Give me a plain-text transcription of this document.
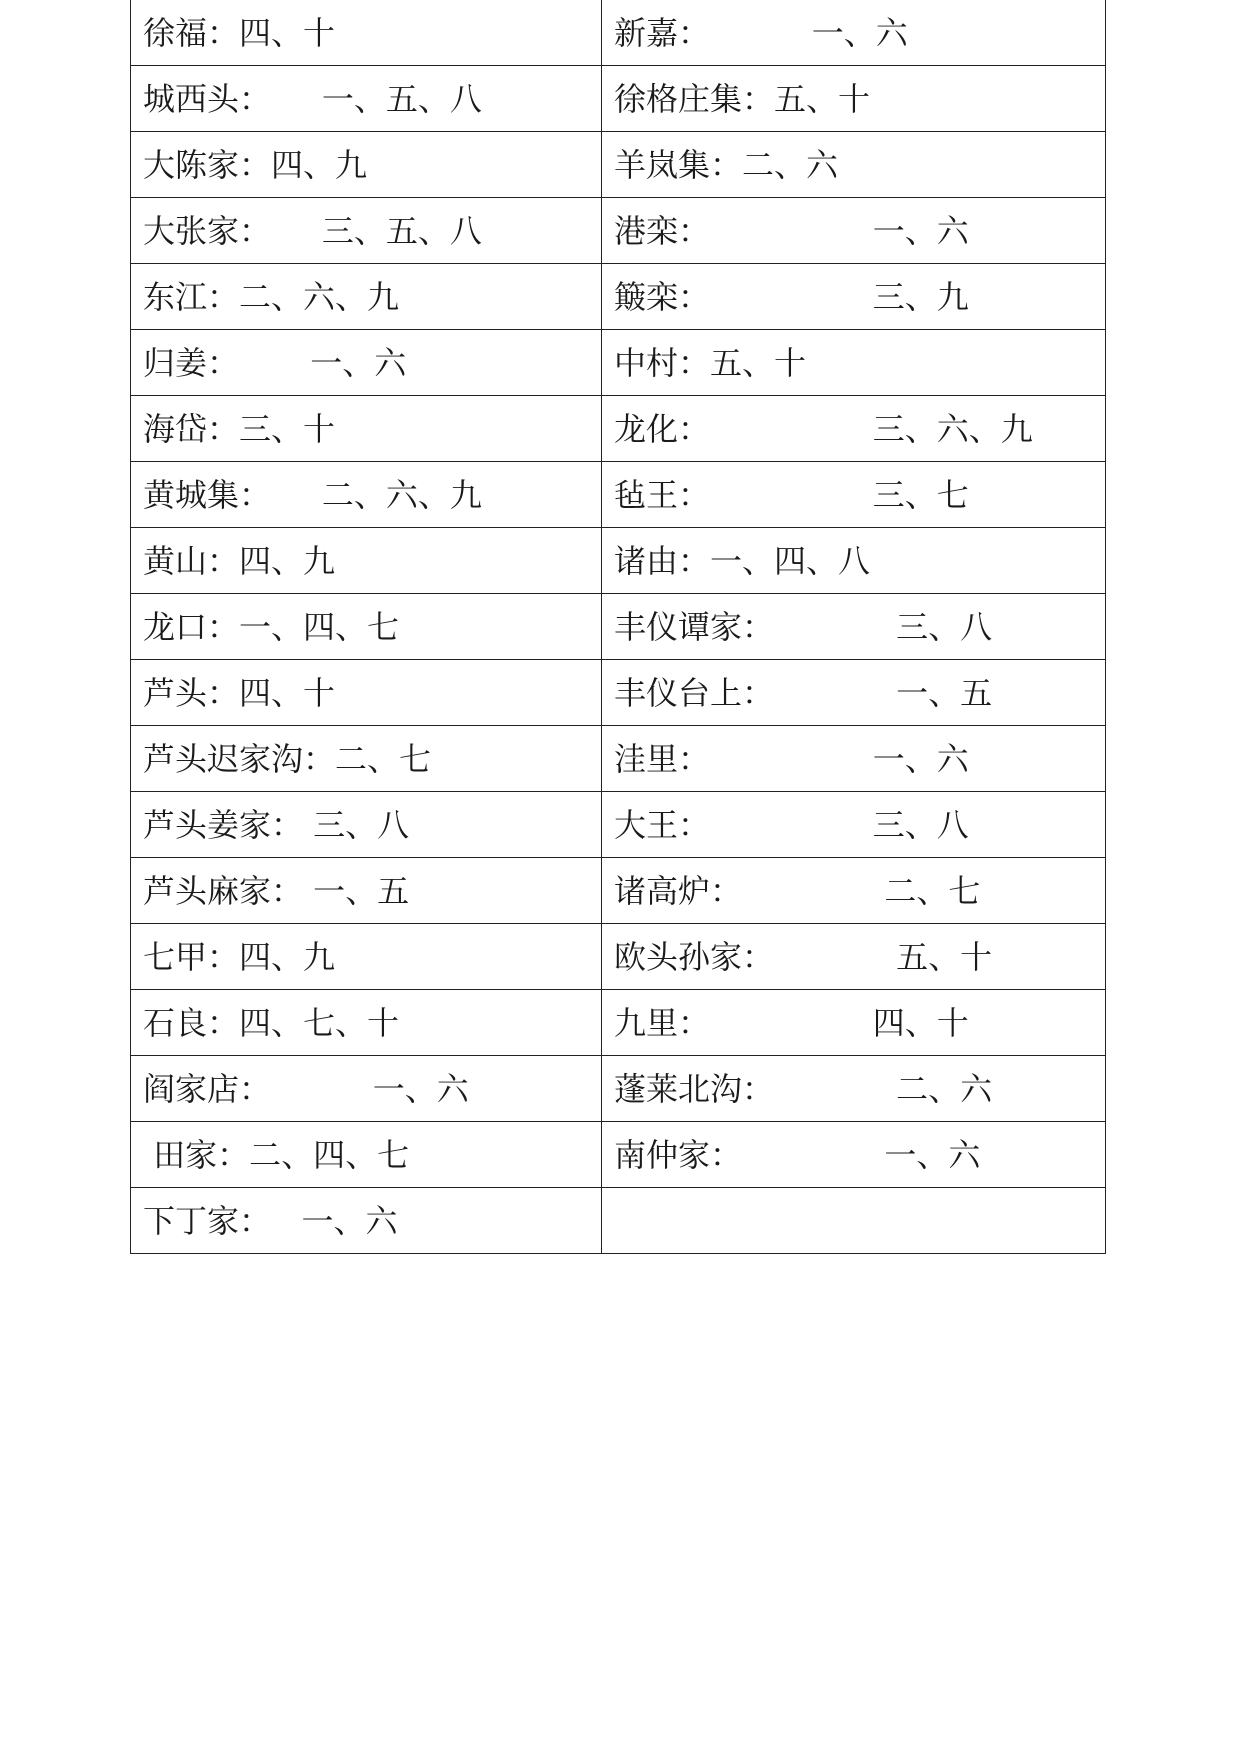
徐福：四、十	新嘉：          一、六
城西头：     一、五、八	徐格庄集：五、十
大陈家：四、九	羊岚集：二、六
大张家：     三、五、八	港栾：                一、六
东江：二、六、九	簸栾：                三、九
归姜：       一、六	中村：五、十
海岱：三、十	龙化：                三、六、九
黄城集：     二、六、九	毡王：                三、七
黄山：四、九	诸由：一、四、八
龙口：一、四、七	丰仪谭家：            三、八
芦头：四、十	丰仪台上：            一、五
芦头迟家沟：二、七	洼里：                一、六
芦头姜家： 三、八	大王：                三、八
芦头麻家： 一、五	诸高炉：              二、七
七甲：四、九	欧头孙家：            五、十
石良：四、七、十	九里：                四、十
阎家店：          一、六	蓬莱北沟：            二、六
田家：二、四、七	南仲家：              一、六
下丁家：   一、六	
